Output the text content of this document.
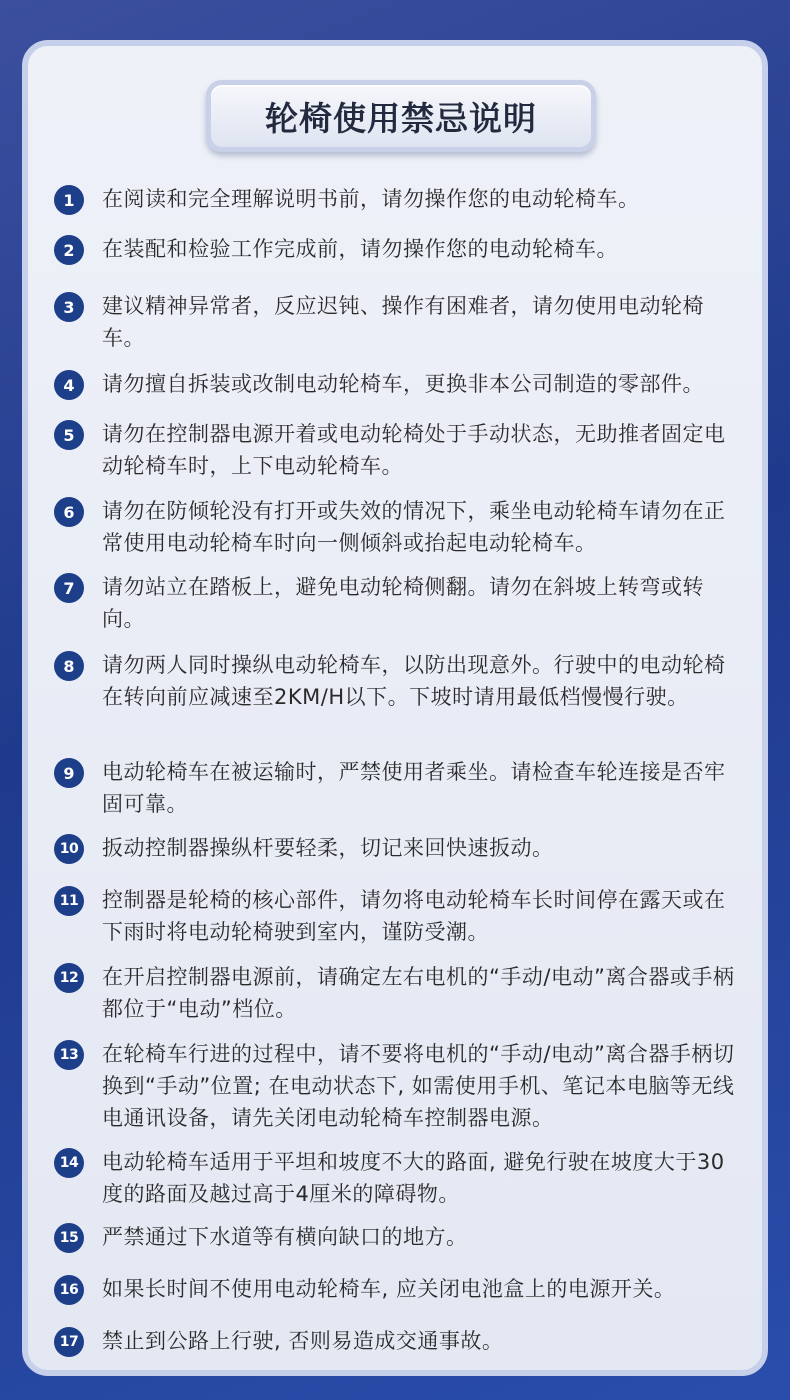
轮椅使用禁忌说明
1	在阅读和完全理解说明书前，请勿操作您的电动轮椅车。
2	在装配和检验工作完成前，请勿操作您的电动轮椅车。
3	建议精神异常者，反应迟钝、操作有困难者，请勿使用电动轮椅车。
4	请勿擅自拆装或改制电动轮椅车，更换非本公司制造的零部件。
5	请勿在控制器电源开着或电动轮椅处于手动状态，无助推者固定电动轮椅车时，上下电动轮椅车。
6	请勿在防倾轮没有打开或失效的情况下，乘坐电动轮椅车请勿在正常使用电动轮椅车时向一侧倾斜或抬起电动轮椅车。
7	请勿站立在踏板上，避免电动轮椅侧翻。请勿在斜坡上转弯或转向。
8	请勿两人同时操纵电动轮椅车，以防出现意外。行驶中的电动轮椅在转向前应减速至2KM/H以下。下坡时请用最低档慢慢行驶。
9	电动轮椅车在被运输时，严禁使用者乘坐。请检查车轮连接是否牢固可靠。
10 扳动控制器操纵杆要轻柔，切记来回快速扳动。
11 控制器是轮椅的核心部件，请勿将电动轮椅车长时间停在露天或在下雨时将电动轮椅驶到室内，谨防受潮。
12 在开启控制器电源前，请确定左右电机的“手动/电动”离合器或手柄都位于“电动”档位。
13 在轮椅车行进的过程中，请不要将电机的“手动/电动”离合器手柄切换到“手动”位置; 在电动状态下, 如需使用手机、笔记本电脑等无线电通讯设备，请先关闭电动轮椅车控制器电源。
14 电动轮椅车适用于平坦和坡度不大的路面, 避免行驶在坡度大于30度的路面及越过高于4厘米的障碍物。
15 严禁通过下水道等有横向缺口的地方。
16 如果长时间不使用电动轮椅车, 应关闭电池盒上的电源开关。
17 禁止到公路上行驶, 否则易造成交通事故。
